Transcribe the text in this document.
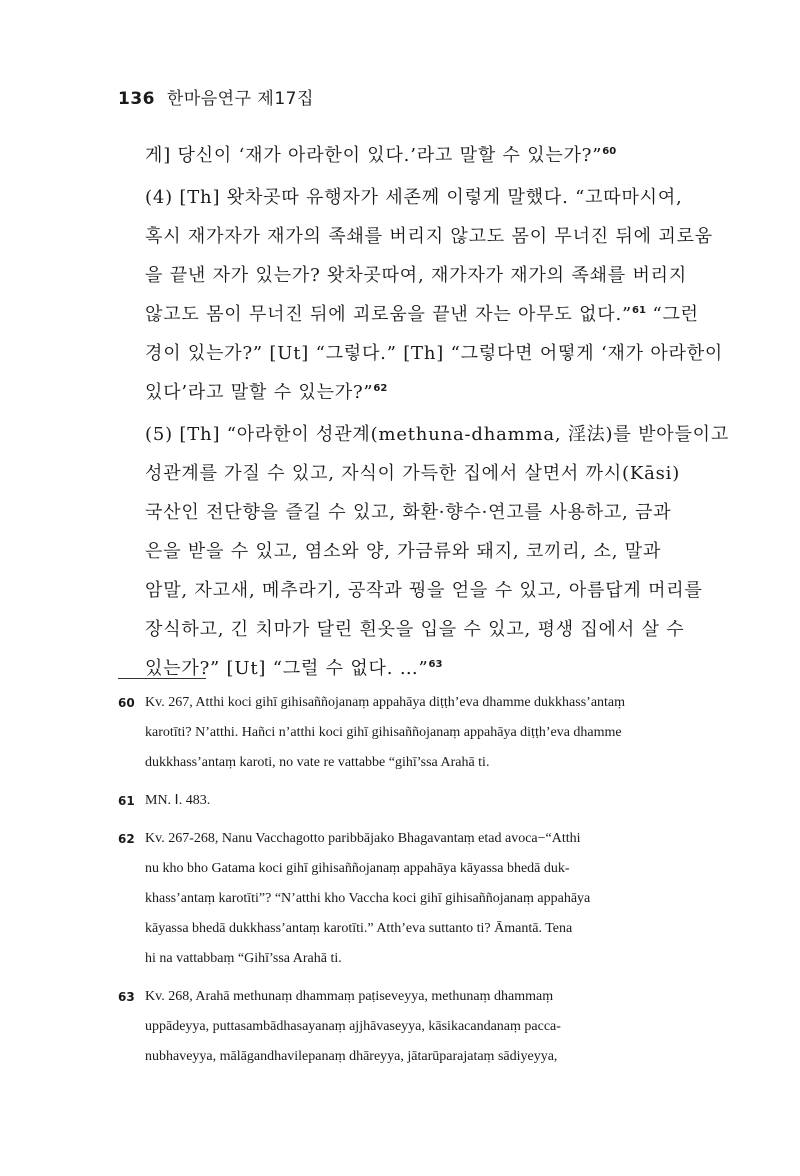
136 한마음연구 제17집
게] 당신이 ‘재가 아라한이 있다.’라고 말할 수 있는가?”$^{60}$
(4) [Th] 왓차곳따 유행자가 세존께 이렇게 말했다. “고따마시여,
혹시 재가자가 재가의 족쇄를 버리지 않고도 몸이 무너진 뒤에 괴로움
을 끝낸 자가 있는가? 왓차곳따여, 재가자가 재가의 족쇄를 버리지
않고도 몸이 무너진 뒤에 괴로움을 끝낸 자는 아무도 없다.”$^{61}$ “그런
경이 있는가?” [Ut] “그렇다.” [Th] “그렇다면 어떻게 ‘재가 아라한이
있다’라고 말할 수 있는가?”$^{62}$
(5) [Th] “아라한이 성관계(methuna-dhamma, 淫法)를 받아들이고
성관계를 가질 수 있고, 자식이 가득한 집에서 살면서 까시(Kāsi)
국산인 전단향을 즐길 수 있고, 화환·향수·연고를 사용하고, 금과
은을 받을 수 있고, 염소와 양, 가금류와 돼지, 코끼리, 소, 말과
암말, 자고새, 메추라기, 공작과 꿩을 얻을 수 있고, 아름답게 머리를
장식하고, 긴 치마가 달린 흰옷을 입을 수 있고, 평생 집에서 살 수
있는가?” [Ut] “그럴 수 없다. …”$^{63}$
60 Kv. 267, Atthi koci gihī gihisaññojanaṃ appahāya diṭṭh’eva dhamme dukkhass’antaṃ
karotīti? N’atthi. Hañci n’atthi koci gihī gihisaññojanaṃ appahāya diṭṭh’eva dhamme
dukkhass’antaṃ karoti, no vate re vattabbe “gihī’ssa Arahā ti.
61 MN. Ⅰ. 483.
62 Kv. 267-268, Nanu Vacchagotto paribbājako Bhagavantaṃ etad avoca−“Atthi
nu kho bho Gatama koci gihī gihisaññojanaṃ appahāya kāyassa bhedā duk-
khass’antaṃ karotīti”? “N’atthi kho Vaccha koci gihī gihisaññojanaṃ appahāya
kāyassa bhedā dukkhass’antaṃ karotīti.” Atth’eva suttanto ti? Āmantā. Tena
hi na vattabbaṃ “Gihī’ssa Arahā ti.
63 Kv. 268, Arahā methunaṃ dhammaṃ paṭiseveyya, methunaṃ dhammaṃ
uppādeyya, puttasambādhasayanaṃ ajjhāvaseyya, kāsikacandanaṃ pacca-
nubhaveyya, mālāgandhavilepanaṃ dhāreyya, jātarūparajataṃ sādiyeyya,
